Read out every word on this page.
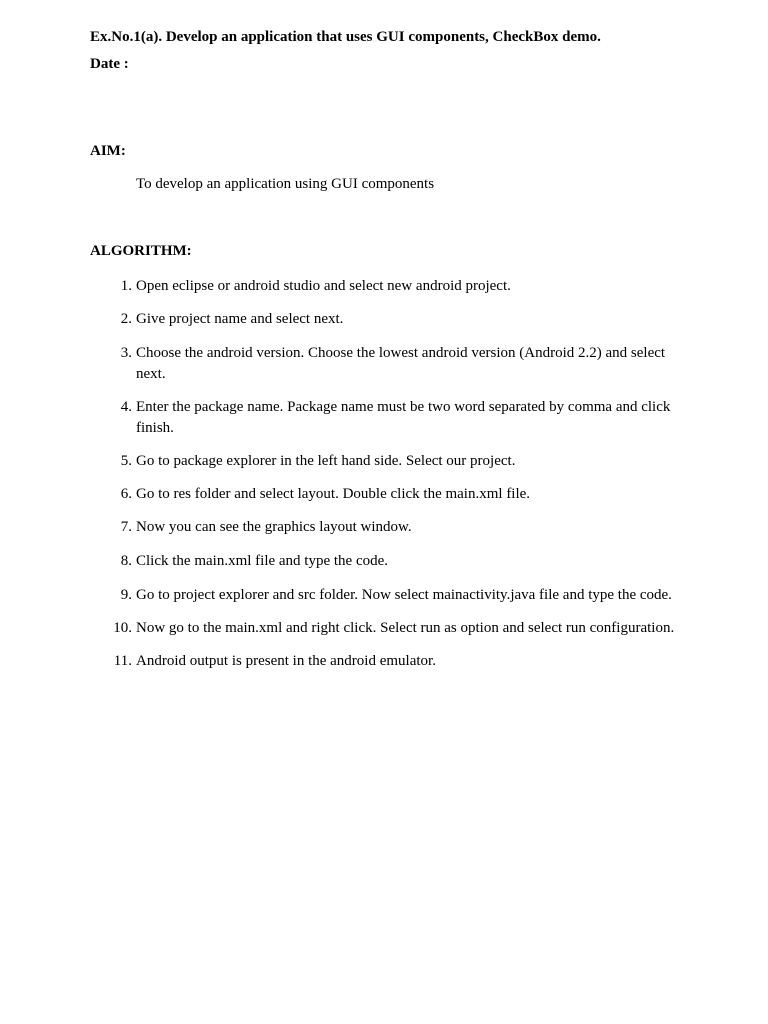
Ex.No.1(a). Develop an application that uses GUI components, CheckBox demo.
Date :
AIM:
To develop an application using GUI components
ALGORITHM:
1. Open eclipse or android studio and select new android project.
2. Give project name and select next.
3. Choose the android version. Choose the lowest android version (Android 2.2) and select next.
4. Enter the package name. Package name must be two word separated by comma and click finish.
5. Go to package explorer in the left hand side. Select our project.
6. Go to res folder and select layout. Double click the main.xml file.
7. Now you can see the graphics layout window.
8. Click the main.xml file and type the code.
9. Go to project explorer and src folder. Now select mainactivity.java file and type the code.
10. Now go to the main.xml and right click. Select run as option and select run configuration.
11. Android output is present in the android emulator.
